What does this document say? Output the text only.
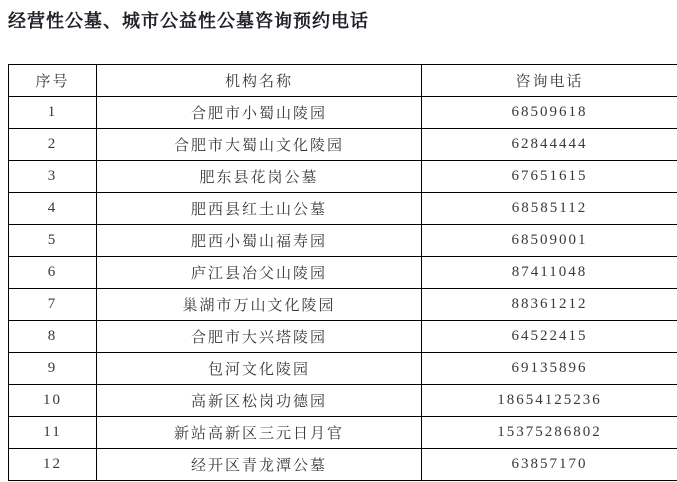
经营性公墓、城市公益性公墓咨询预约电话
序号	机构名称	咨询电话
1	合肥市小蜀山陵园	68509618
2	合肥市大蜀山文化陵园	62844444
3	肥东县花岗公墓	67651615
4	肥西县红土山公墓	68585112
5	肥西小蜀山福寿园	68509001
6	庐江县冶父山陵园	87411048
7	巢湖市万山文化陵园	88361212
8	合肥市大兴塔陵园	64522415
9	包河文化陵园	69135896
10	高新区松岗功德园	18654125236
11	新站高新区三元日月官	15375286802
12	经开区青龙潭公墓	63857170
